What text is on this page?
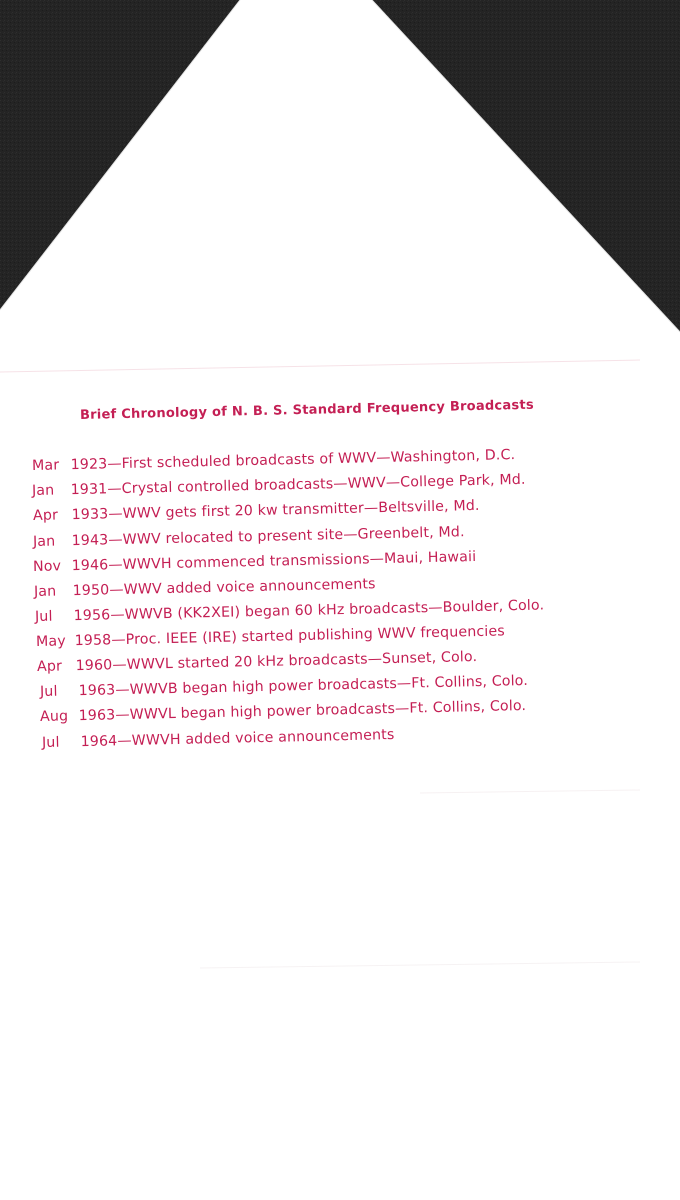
Brief Chronology of N. B. S. Standard Frequency Broadcasts
Mar 1923—First scheduled broadcasts of WWV—Washington, D.C.
Jan 1931—Crystal controlled broadcasts—WWV—College Park, Md.
Apr 1933—WWV gets first 20 kw transmitter—Beltsville, Md.
Jan 1943—WWV relocated to present site—Greenbelt, Md.
Nov 1946—WWVH commenced transmissions—Maui, Hawaii
Jan 1950—WWV added voice announcements
Jul 1956—WWVB (KK2XEI) began 60 kHz broadcasts—Boulder, Colo.
May 1958—Proc. IEEE (IRE) started publishing WWV frequencies
Apr 1960—WWVL started 20 kHz broadcasts—Sunset, Colo.
Jul 1963—WWVB began high power broadcasts—Ft. Collins, Colo.
Aug 1963—WWVL began high power broadcasts—Ft. Collins, Colo.
Jul 1964—WWVH added voice announcements
